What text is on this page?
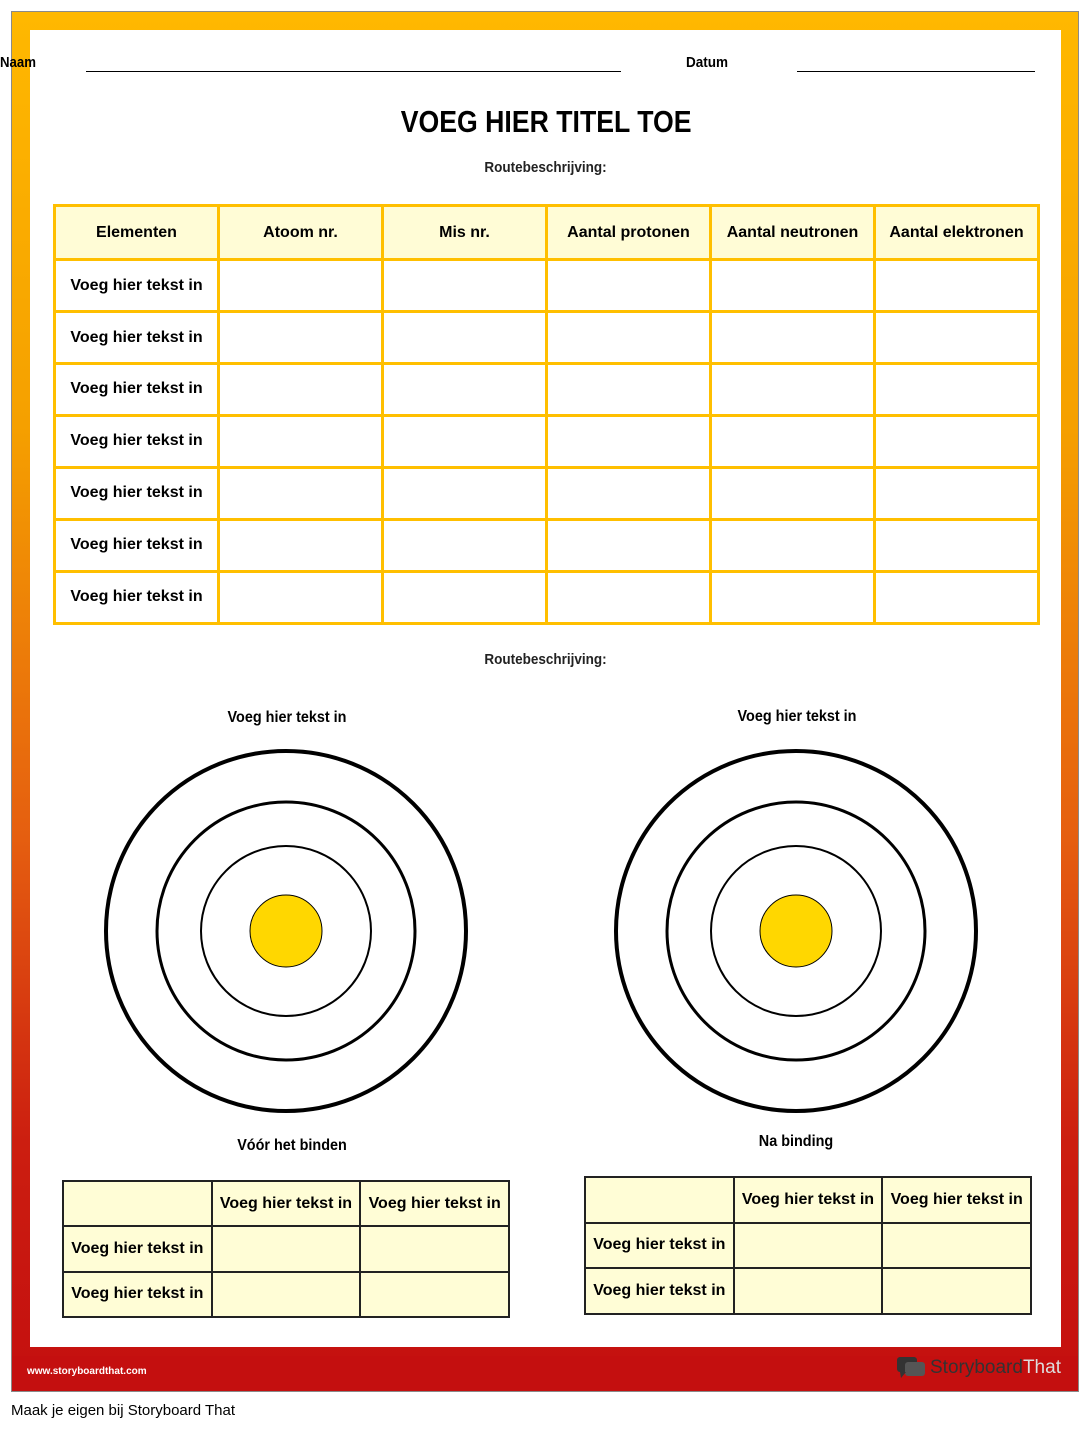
Naam	Datum
VOEG HIER TITEL TOE
Routebeschrijving:
Elementen	Atoom nr.	Mis nr.	Aantal protonen	Aantal neutronen	Aantal elektronen
Voeg hier tekst in					
Voeg hier tekst in					
Voeg hier tekst in					
Voeg hier tekst in					
Voeg hier tekst in					
Voeg hier tekst in					
Voeg hier tekst in					
Routebeschrijving:
Voeg hier tekst in	Voeg hier tekst in
Vóór het binden	Na binding
	Voeg hier tekst in	Voeg hier tekst in
Voeg hier tekst in		
Voeg hier tekst in		
	Voeg hier tekst in	Voeg hier tekst in
Voeg hier tekst in		
Voeg hier tekst in		
www.storyboardthat.com	StoryboardThat
Maak je eigen bij Storyboard That
